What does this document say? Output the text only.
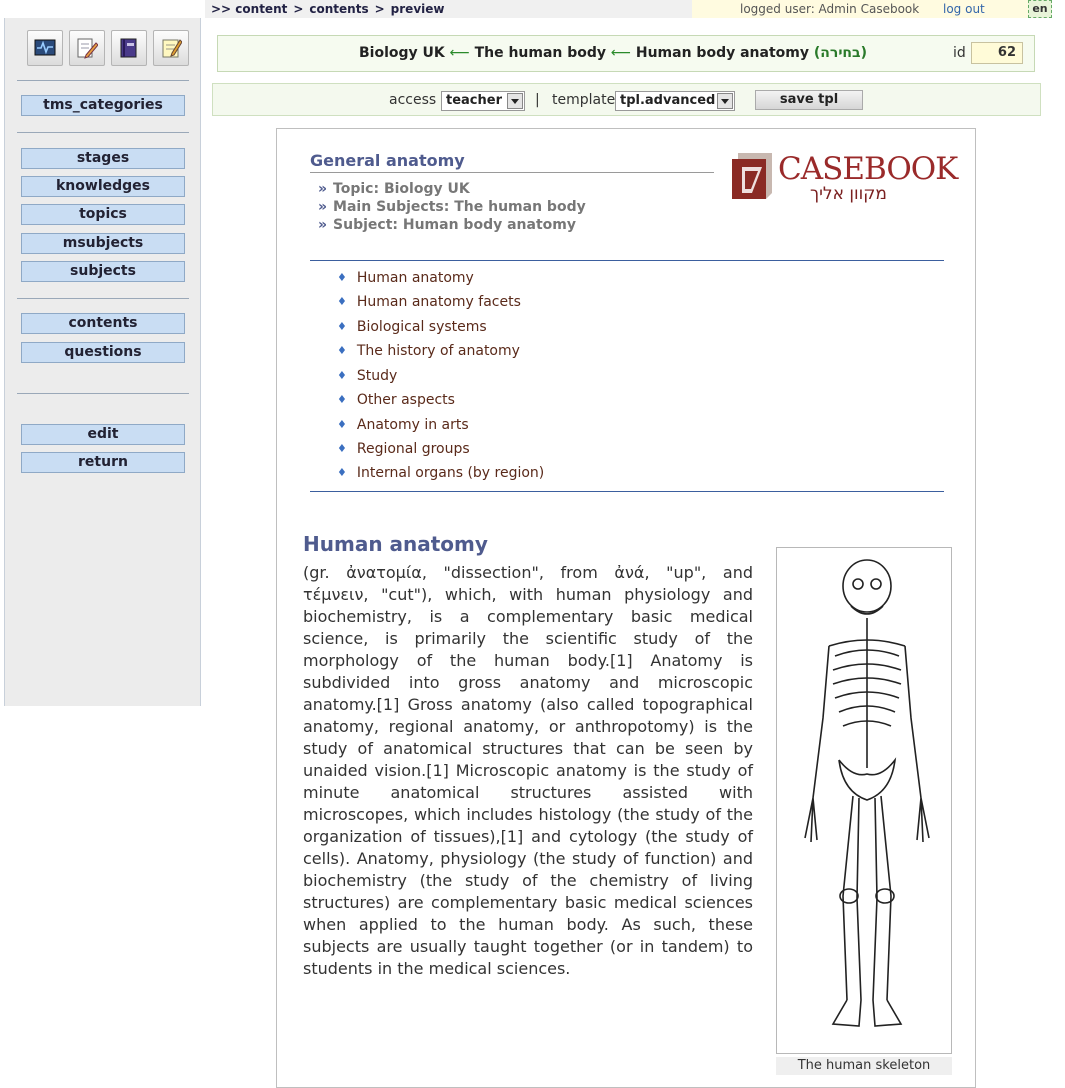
>> content > contents > preview	logged user: Admin Casebook log out	en
tms_categories
stages
knowledges
topics
msubjects
subjects
contents
questions
edit
return
Biology UK ⟵ The human body ⟵ Human body anatomy (בחירה)	id	62
access teacher	| template tpl.advanced	save tpl
General anatomy
» Topic: Biology UK
» Main Subjects: The human body
» Subject: Human body anatomy
CASEBOOK
מקוון אליך
♦ Human anatomy
♦ Human anatomy facets
♦ Biological systems
♦ The history of anatomy
♦ Study
♦ Other aspects
♦ Anatomy in arts
♦ Regional groups
♦ Internal organs (by region)
Human anatomy
(gr. ἀνατομία, "dissection", from ἀνά, "up", and τέμνειν, "cut"), which, with human physiology and biochemistry, is a complementary basic medical science, is primarily the scientific study of the morphology of the human body.[1] Anatomy is subdivided into gross anatomy and microscopic anatomy.[1] Gross anatomy (also called topographical anatomy, regional anatomy, or anthropotomy) is the study of anatomical structures that can be seen by unaided vision.[1] Microscopic anatomy is the study of minute anatomical structures assisted with microscopes, which includes histology (the study of the organization of tissues),[1] and cytology (the study of cells). Anatomy, physiology (the study of function) and biochemistry (the study of the chemistry of living structures) are complementary basic medical sciences when applied to the human body. As such, these subjects are usually taught together (or in tandem) to students in the medical sciences.
The human skeleton
